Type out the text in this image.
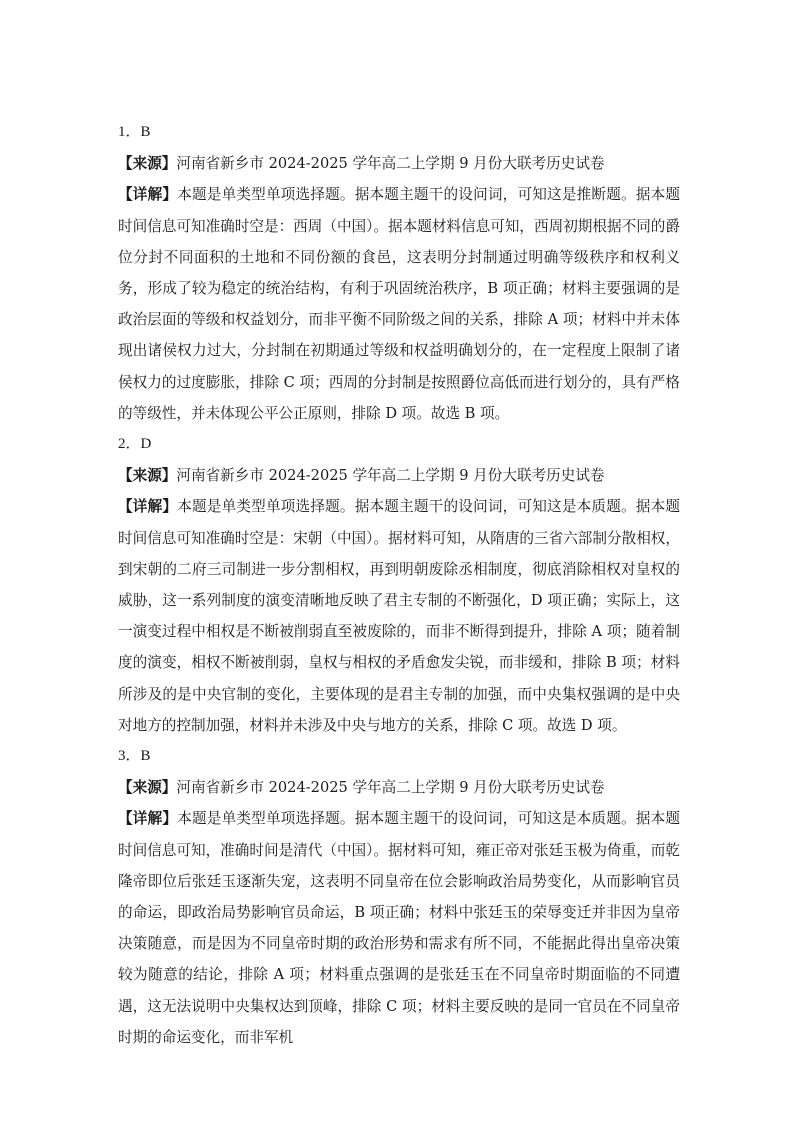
1．B
【来源】河南省新乡市 2024-2025 学年高二上学期 9 月份大联考历史试卷
【详解】本题是单类型单项选择题。据本题主题干的设问词，可知这是推断题。据本题时间信息可知准确时空是：西周（中国）。据本题材料信息可知，西周初期根据不同的爵位分封不同面积的土地和不同份额的食邑，这表明分封制通过明确等级秩序和权利义务，形成了较为稳定的统治结构，有利于巩固统治秩序，B 项正确；材料主要强调的是政治层面的等级和权益划分，而非平衡不同阶级之间的关系，排除 A 项；材料中并未体现出诸侯权力过大，分封制在初期通过等级和权益明确划分的，在一定程度上限制了诸侯权力的过度膨胀，排除 C 项；西周的分封制是按照爵位高低而进行划分的，具有严格的等级性，并未体现公平公正原则，排除 D 项。故选 B 项。
2．D
【来源】河南省新乡市 2024-2025 学年高二上学期 9 月份大联考历史试卷
【详解】本题是单类型单项选择题。据本题主题干的设问词，可知这是本质题。据本题时间信息可知准确时空是：宋朝（中国）。据材料可知，从隋唐的三省六部制分散相权，到宋朝的二府三司制进一步分割相权，再到明朝废除丞相制度，彻底消除相权对皇权的威胁，这一系列制度的演变清晰地反映了君主专制的不断强化，D 项正确；实际上，这一演变过程中相权是不断被削弱直至被废除的，而非不断得到提升，排除 A 项；随着制度的演变，相权不断被削弱，皇权与相权的矛盾愈发尖锐，而非缓和，排除 B 项；材料所涉及的是中央官制的变化，主要体现的是君主专制的加强，而中央集权强调的是中央对地方的控制加强，材料并未涉及中央与地方的关系，排除 C 项。故选 D 项。
3．B
【来源】河南省新乡市 2024-2025 学年高二上学期 9 月份大联考历史试卷
【详解】本题是单类型单项选择题。据本题主题干的设问词，可知这是本质题。据本题时间信息可知，准确时间是清代（中国）。据材料可知，雍正帝对张廷玉极为倚重，而乾隆帝即位后张廷玉逐渐失宠，这表明不同皇帝在位会影响政治局势变化，从而影响官员的命运，即政治局势影响官员命运，B 项正确；材料中张廷玉的荣辱变迁并非因为皇帝决策随意，而是因为不同皇帝时期的政治形势和需求有所不同，不能据此得出皇帝决策较为随意的结论，排除 A 项；材料重点强调的是张廷玉在不同皇帝时期面临的不同遭遇，这无法说明中央集权达到顶峰，排除 C 项；材料主要反映的是同一官员在不同皇帝时期的命运变化，而非军机
